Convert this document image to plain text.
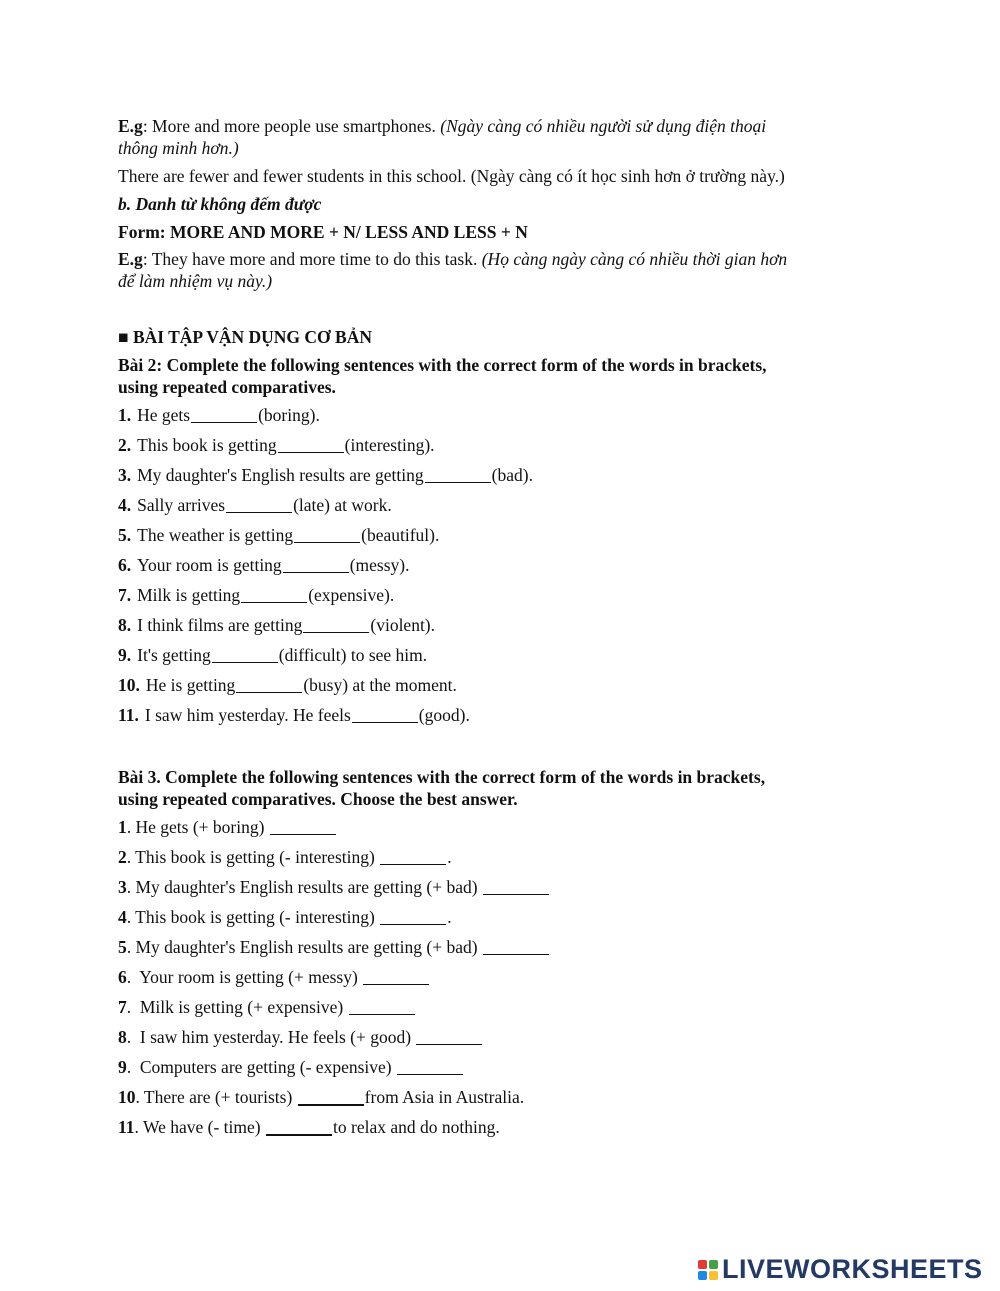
E.g: More and more people use smartphones. (Ngày càng có nhiều người sử dụng điện thoại
thông minh hơn.)

There are fewer and fewer students in this school. (Ngày càng có ít học sinh hơn ở trường này.)

b. Danh từ không đếm được

Form: MORE AND MORE + N/ LESS AND LESS + N

E.g: They have more and more time to do this task. (Họ càng ngày càng có nhiều thời gian hơn
để làm nhiệm vụ này.)

■ BÀI TẬP VẬN DỤNG CƠ BẢN

Bài 2: Complete the following sentences with the correct form of the words in brackets,
using repeated comparatives.

1. He gets	(boring).
2. This book is getting	(interesting).
3. My daughter's English results are getting	(bad).
4. Sally arrives	(late) at work.
5. The weather is getting	(beautiful).
6. Your room is getting	(messy).
7. Milk is getting	(expensive).
8. I think films are getting	(violent).
9. It's getting	(difficult) to see him.
10. He is getting	(busy) at the moment.
11. I saw him yesterday. He feels	(good).

Bài 3. Complete the following sentences with the correct form of the words in brackets,
using repeated comparatives. Choose the best answer.

1 . He gets (+ boring)
2 . This book is getting (- interesting)	.
3 . My daughter's English results are getting (+ bad)
4 . This book is getting (- interesting)	.
5 . My daughter's English results are getting (+ bad)
6 .  Your room is getting (+ messy)
7 .  Milk is getting (+ expensive)
8 .  I saw him yesterday. He feels (+ good)
9 .  Computers are getting (- expensive)
10 . There are (+ tourists)	from Asia in Australia.
11 . We have (- time)	to relax and do nothing.
LIVEWORKSHEETS
